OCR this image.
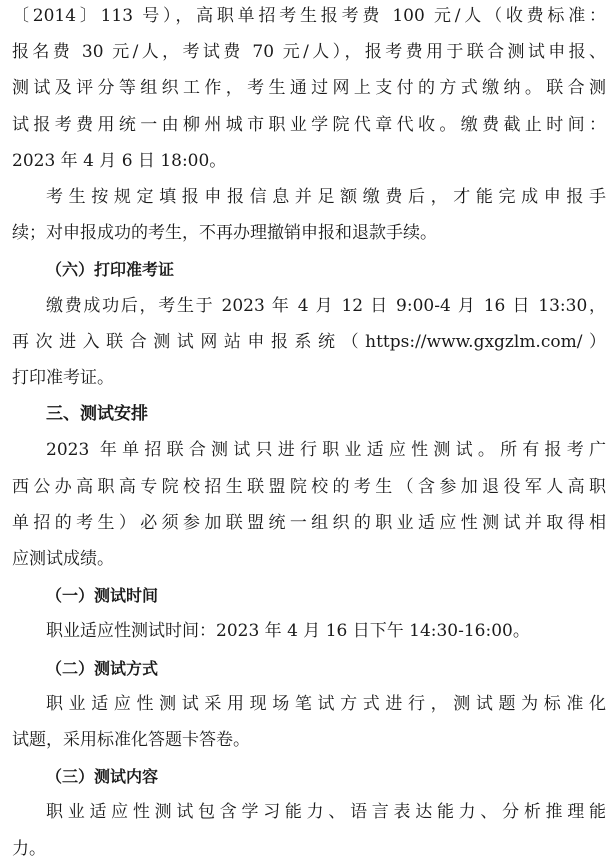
〔2014〕113 号），高职单招考生报考费 100 元/人（收费标准：
报名费 30 元/人，考试费 70 元/人），报考费用于联合测试申报、
测试及评分等组织工作，考生通过网上支付的方式缴纳。联合测
试报考费用统一由柳州城市职业学院代章代收。缴费截止时间：
2023 年 4 月 6 日 18:00。
考生按规定填报申报信息并足额缴费后，才能完成申报手
续；对申报成功的考生，不再办理撤销申报和退款手续。
（六）打印准考证
缴费成功后，考生于 2023 年 4 月 12 日 9:00-4 月 16 日 13:30，
再次进入联合测试网站申报系统（https://www.gxgzlm.com/）
打印准考证。
三、测试安排
2023 年单招联合测试只进行职业适应性测试。所有报考广
西公办高职高专院校招生联盟院校的考生（含参加退役军人高职
单招的考生）必须参加联盟统一组织的职业适应性测试并取得相
应测试成绩。
（一）测试时间
职业适应性测试时间：2023 年 4 月 16 日下午 14:30-16:00。
（二）测试方式
职业适应性测试采用现场笔试方式进行，测试题为标准化
试题，采用标准化答题卡答卷。
（三）测试内容
职业适应性测试包含学习能力、语言表达能力、分析推理能
力。
